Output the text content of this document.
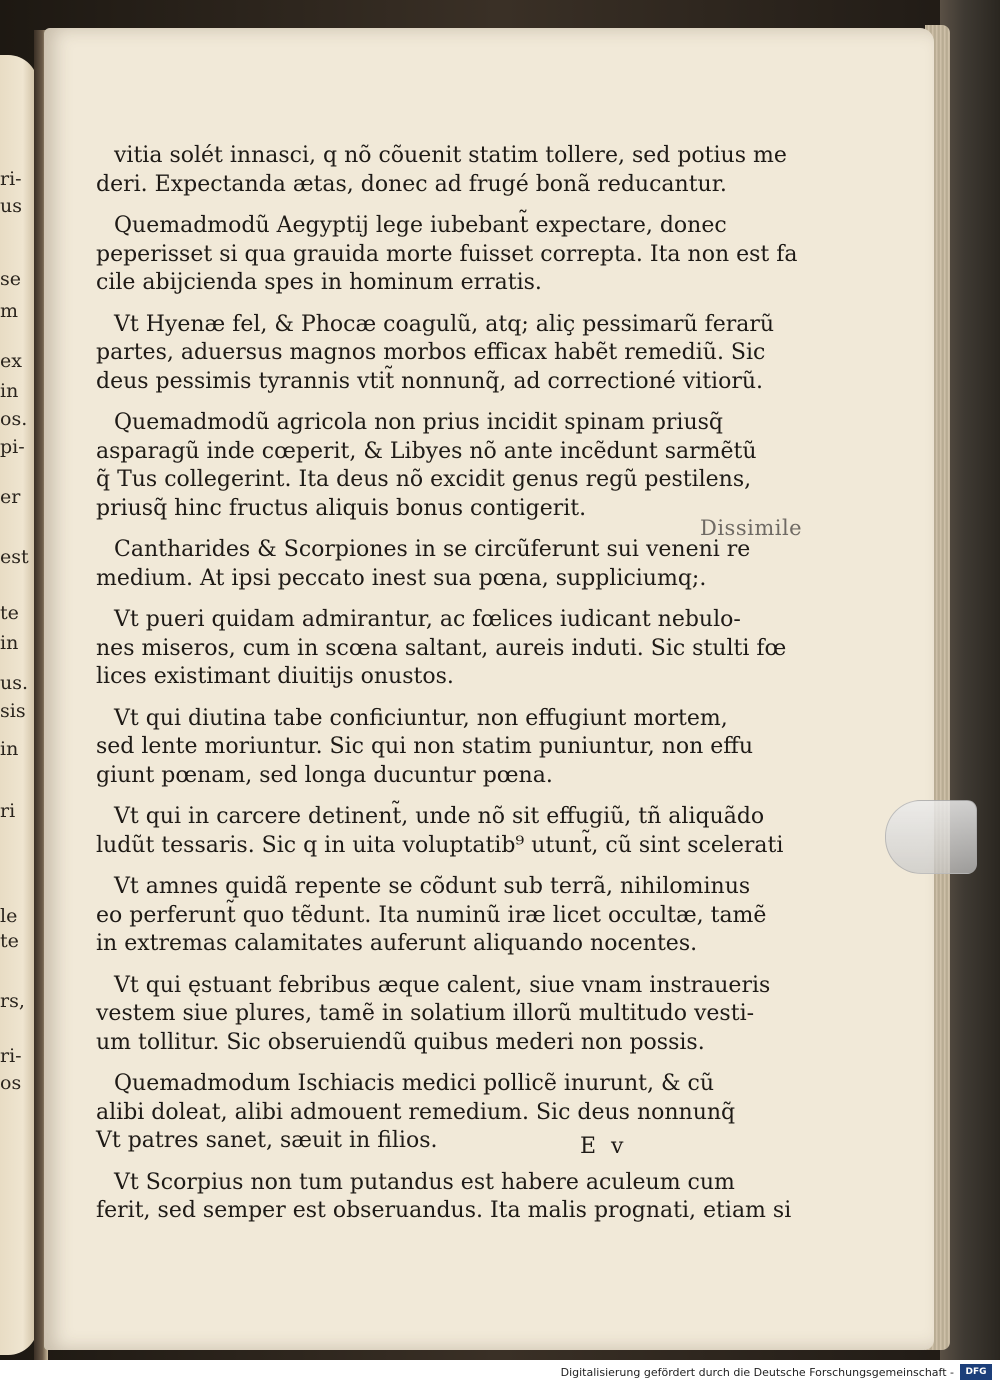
vitia solét innasci, q nõ cõuenit statim tollere, sed potius me
deri. Expectanda ætas, donec ad frugé bonã reducantur.
Quemadmodũ Aegyptij lege iubebant̃ expectare, donec
peperisset si qua grauida morte fuisset correpta. Ita non est fa
cile abijcienda spes in hominum erratis.
Vt Hyenæ fel, & Phocæ coagulũ, atq; aliç pessimarũ ferarũ
partes, aduersus magnos morbos efficax habẽt remediũ. Sic
deus pessimis tyrannis vtit̃ nonnunq̃, ad correctioné vitiorũ.
Quemadmodũ agricola non prius incidit spinam priusq̃
asparagũ inde cœperit, & Libyes nõ ante incẽdunt sarmẽtũ
q̃ Tus collegerint. Ita deus nõ excidit genus regũ pestilens,
priusq̃ hinc fructus aliquis bonus contigerit.
Cantharides & Scorpiones in se circũferunt sui veneni re
medium. At ipsi peccato inest sua pœna, suppliciumq;.
Vt pueri quidam admirantur, ac fœlices iudicant nebulo-
nes miseros, cum in scœna saltant, aureis induti. Sic stulti fœ
lices existimant diuitijs onustos.
Vt qui diutina tabe conficiuntur, non effugiunt mortem,
sed lente moriuntur. Sic qui non statim puniuntur, non effu
giunt pœnam, sed longa ducuntur pœna.
Vt qui in carcere detinent̃, unde nõ sit effugiũ, tñ aliquãdo
ludũt tessaris. Sic q in uita voluptatib⁹ utunt̃, cũ sint scelerati
Vt amnes quidã repente se cõdunt sub terrã, nihilominus
eo perferunt̃ quo tẽdunt. Ita numinũ iræ licet occultæ, tamẽ
in extremas calamitates auferunt aliquando nocentes.
Vt qui ęstuant febribus æque calent, siue vnam instraueris
vestem siue plures, tamẽ in solatium illorũ multitudo vesti-
um tollitur. Sic obseruiendũ quibus mederi non possis.
Quemadmodum Ischiacis medici pollicẽ inurunt, & cũ
alibi doleat, alibi admouent remedium. Sic deus nonnunq̃
Vt patres sanet, sæuit in filios.
Vt Scorpius non tum putandus est habere aculeum cum
ferit, sed semper est obseruandus. Ita malis prognati, etiam si
Dissimile
E v
Digitalisierung gefördert durch die Deutsche Forschungsgemeinschaft -	DFG
ri-
us
se
m
ex
in
os.
pi-
er
est
te
in
us.
sis
in
ri
le
te
rs,
ri-
os
